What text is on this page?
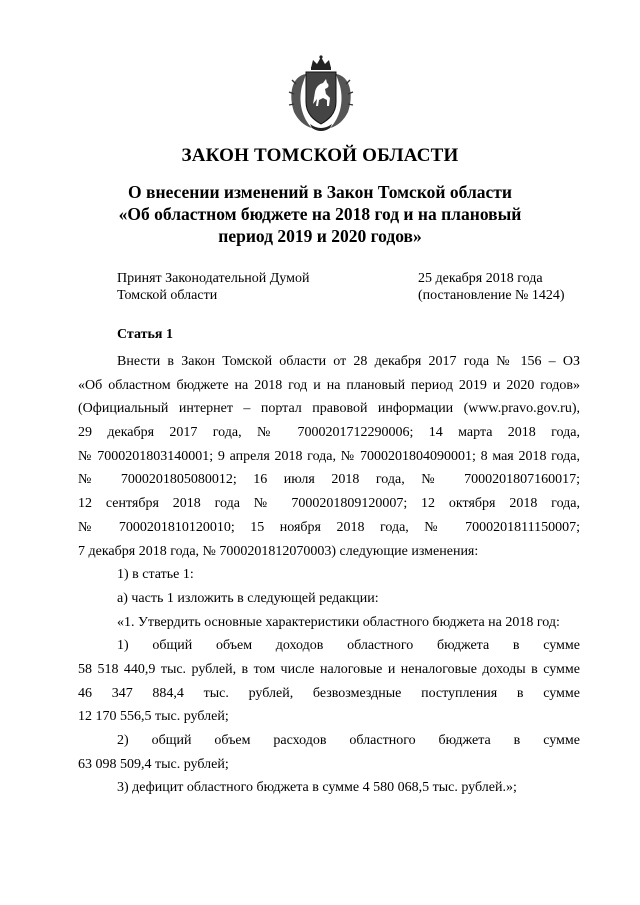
ЗАКОН ТОМСКОЙ ОБЛАСТИ
О внесении изменений в Закон Томской области
«Об областном бюджете на 2018 год и на плановый
период 2019 и 2020 годов»
Принят Законодательной Думой
Томской области
25 декабря 2018 года
(постановление № 1424)
Статья 1
Внести в Закон Томской области от 28 декабря 2017 года № 156 – ОЗ
«Об областном бюджете на 2018 год и на плановый период 2019 и 2020 годов»
(Официальный интернет – портал правовой информации (www.pravo.gov.ru),
29 декабря 2017 года, № 7000201712290006; 14 марта 2018 года,
№ 7000201803140001; 9 апреля 2018 года, № 7000201804090001; 8 мая 2018 года,
№ 7000201805080012; 16 июля 2018 года, № 7000201807160017;
12 сентября 2018 года № 7000201809120007; 12 октября 2018 года,
№ 7000201810120010; 15 ноября 2018 года, № 7000201811150007;
7 декабря 2018 года, № 7000201812070003) следующие изменения:
1) в статье 1:
а) часть 1 изложить в следующей редакции:
«1. Утвердить основные характеристики областного бюджета на 2018 год:
1) общий объем доходов областного бюджета в сумме
58 518 440,9 тыс. рублей, в том числе налоговые и неналоговые доходы в сумме
46 347 884,4 тыс. рублей, безвозмездные поступления в сумме
12 170 556,5 тыс. рублей;
2) общий объем расходов областного бюджета в сумме
63 098 509,4 тыс. рублей;
3) дефицит областного бюджета в сумме 4 580 068,5 тыс. рублей.»;
